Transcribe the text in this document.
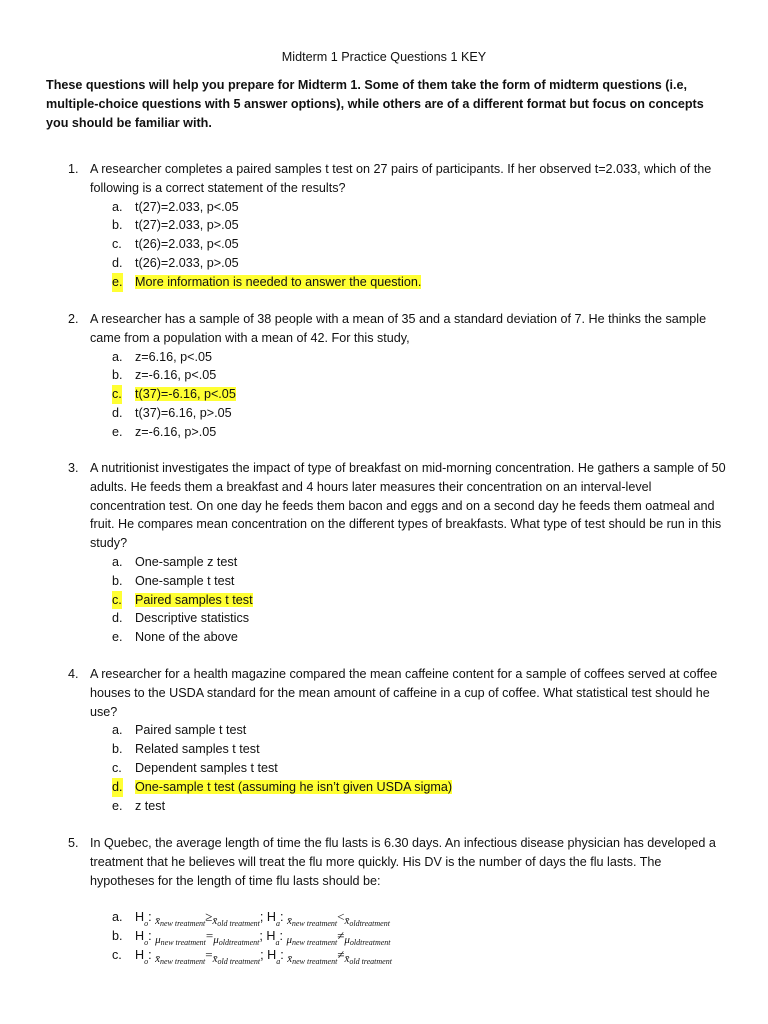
Midterm 1 Practice Questions 1 KEY
These questions will help you prepare for Midterm 1. Some of them take the form of midterm questions (i.e, multiple-choice questions with 5 answer options), while others are of a different format but focus on concepts you should be familiar with.
1. A researcher completes a paired samples t test on 27 pairs of participants. If her observed t=2.033, which of the following is a correct statement of the results?
a. t(27)=2.033, p<.05
b. t(27)=2.033, p>.05
c. t(26)=2.033, p<.05
d. t(26)=2.033, p>.05
e. More information is needed to answer the question.
2. A researcher has a sample of 38 people with a mean of 35 and a standard deviation of 7. He thinks the sample came from a population with a mean of 42. For this study,
a. z=6.16, p<.05
b. z=-6.16, p<.05
c. t(37)=-6.16, p<.05
d. t(37)=6.16, p>.05
e. z=-6.16, p>.05
3. A nutritionist investigates the impact of type of breakfast on mid-morning concentration. He gathers a sample of 50 adults. He feeds them a breakfast and 4 hours later measures their concentration on an interval-level concentration test. On one day he feeds them bacon and eggs and on a second day he feeds them oatmeal and fruit. He compares mean concentration on the different types of breakfasts. What type of test should be run in this study?
a. One-sample z test
b. One-sample t test
c. Paired samples t test
d. Descriptive statistics
e. None of the above
4. A researcher for a health magazine compared the mean caffeine content for a sample of coffees served at coffee houses to the USDA standard for the mean amount of caffeine in a cup of coffee. What statistical test should he use?
a. Paired sample t test
b. Related samples t test
c. Dependent samples t test
d. One-sample t test (assuming he isn’t given USDA sigma)
e. z test
5. In Quebec, the average length of time the flu lasts is 6.30 days. An infectious disease physician has developed a treatment that he believes will treat the flu more quickly. His DV is the number of days the flu lasts. The hypotheses for the length of time flu lasts should be:
a. $H_o$: $x̄_{new treatment}\ge x̄_{old treatment}$; $H_a$: $x̄_{new treatment}<x̄_{oldtreatment}$
b. $H_o$: $\mu_{new treatment}=\mu_{oldtreatment}$; $H_a$: $\mu_{new treatment}\ne\mu_{oldtreatment}$
c. $H_o$: $x̄_{new treatment}=x̄_{old treatment}$; $H_a$: $x̄_{new treatment}\ne x̄_{old treatment}$
